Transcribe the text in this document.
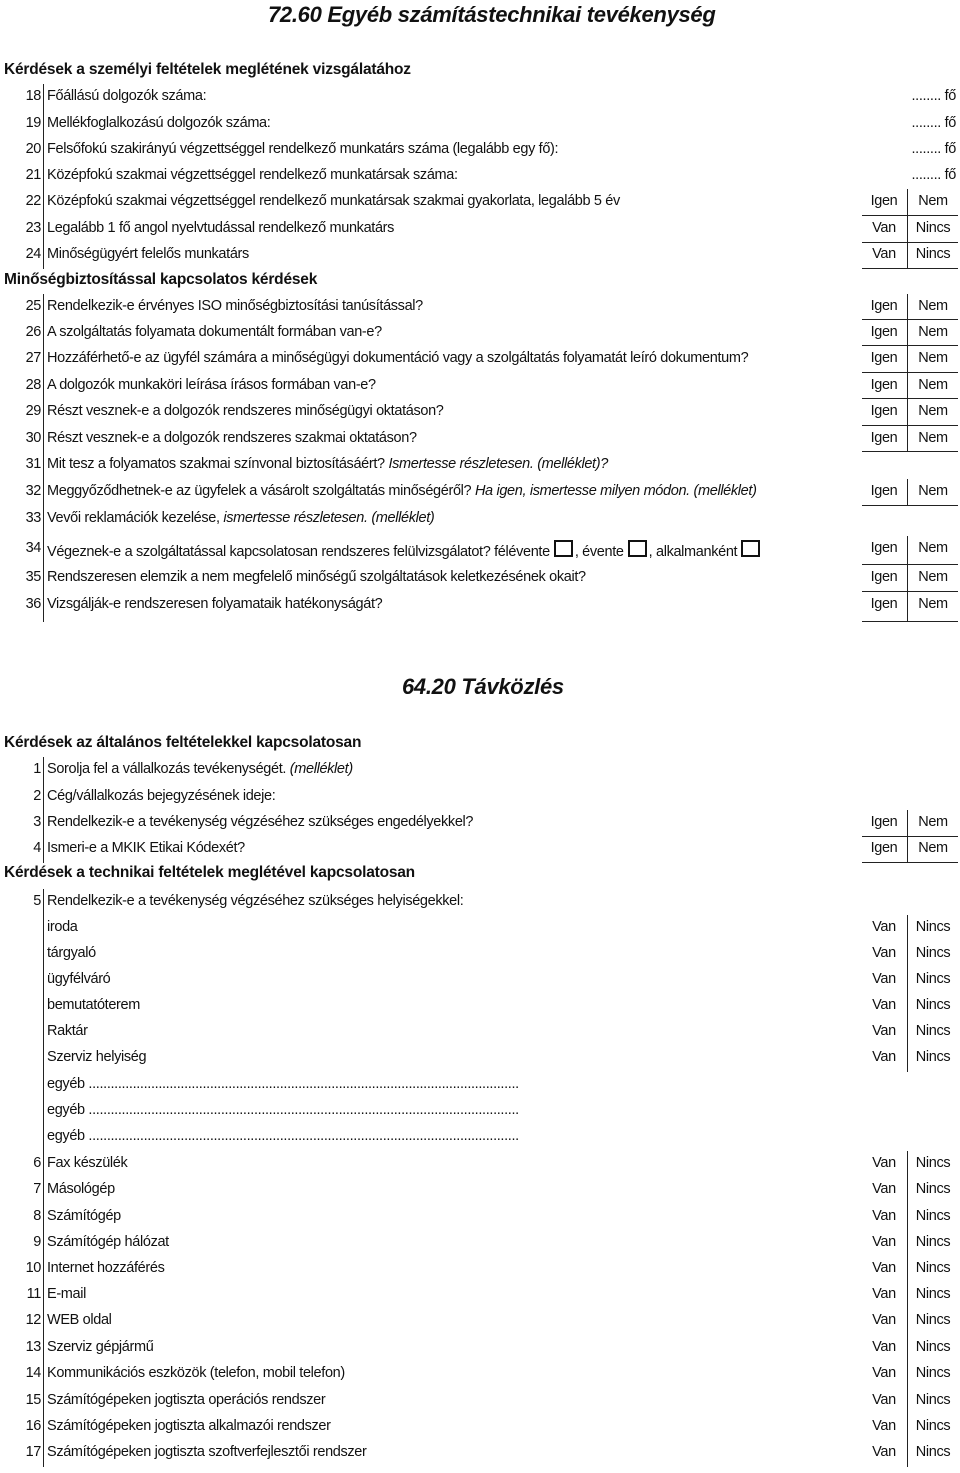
72.60 Egyéb számítástechnikai tevékenység
Kérdések a személyi feltételek meglétének vizsgálatához
18 Főállású dolgozók száma:	........ fő
19 Mellékfoglalkozású dolgozók száma:	........ fő
20 Felsőfokú szakirányú végzettséggel rendelkező munkatárs száma (legalább egy fő):	........ fő
21 Középfokú szakmai végzettséggel rendelkező munkatársak száma:	........ fő
22 Középfokú szakmai végzettséggel rendelkező munkatársak szakmai gyakorlata, legalább 5 év	Igen	Nem
23 Legalább 1 fő angol nyelvtudással rendelkező munkatárs	Van	Nincs
24 Minőségügyért felelős munkatárs	Van	Nincs
Minőségbiztosítással kapcsolatos kérdések
25 Rendelkezik-e érvényes ISO minőségbiztosítási tanúsítással?	Igen	Nem
26 A szolgáltatás folyamata dokumentált formában van-e?	Igen	Nem
27 Hozzáférhető-e az ügyfél számára a minőségügyi dokumentáció vagy a szolgáltatás folyamatát leíró dokumentum?	Igen	Nem
28 A dolgozók munkaköri leírása írásos formában van-e?	Igen	Nem
29 Részt vesznek-e a dolgozók rendszeres minőségügyi oktatáson?	Igen	Nem
30 Részt vesznek-e a dolgozók rendszeres szakmai oktatáson?	Igen	Nem
31 Mit tesz a folyamatos szakmai színvonal biztosításáért? Ismertesse részletesen. (melléklet)?
32 Meggyőződhetnek-e az ügyfelek a vásárolt szolgáltatás minőségéről? Ha igen, ismertesse milyen módon. (melléklet)	Igen	Nem
33 Vevői reklamációk kezelése, ismertesse részletesen. (melléklet)
34 Végeznek-e a szolgáltatással kapcsolatosan rendszeres felülvizsgálatot? félévente , évente , alkalmanként	Igen	Nem
35 Rendszeresen elemzik a nem megfelelő minőségű szolgáltatások keletkezésének okait?	Igen	Nem
36 Vizsgálják-e rendszeresen folyamataik hatékonyságát?	Igen	Nem
64.20 Távközlés
Kérdések az általános feltételekkel kapcsolatosan
1 Sorolja fel a vállalkozás tevékenységét. (melléklet)
2 Cég/vállalkozás bejegyzésének ideje:
3 Rendelkezik-e a tevékenység végzéséhez szükséges engedélyekkel?	Igen	Nem
4 Ismeri-e a MKIK Etikai Kódexét?	Igen	Nem
Kérdések a technikai feltételek meglétével kapcsolatosan
5 Rendelkezik-e a tevékenység végzéséhez szükséges helyiségekkel:
iroda	Van	Nincs
tárgyaló	Van	Nincs
ügyfélváró	Van	Nincs
bemutatóterem	Van	Nincs
Raktár	Van	Nincs
Szerviz helyiség	Van	Nincs
egyéb .....................................................................................................................
egyéb .....................................................................................................................
egyéb .....................................................................................................................
6 Fax készülék	Van	Nincs
7 Másológép	Van	Nincs
8 Számítógép	Van	Nincs
9 Számítógép hálózat	Van	Nincs
10 Internet hozzáférés	Van	Nincs
11 E-mail	Van	Nincs
12 WEB oldal	Van	Nincs
13 Szerviz gépjármű	Van	Nincs
14 Kommunikációs eszközök (telefon, mobil telefon)	Van	Nincs
15 Számítógépeken jogtiszta operációs rendszer	Van	Nincs
16 Számítógépeken jogtiszta alkalmazói rendszer	Van	Nincs
17 Számítógépeken jogtiszta szoftverfejlesztői rendszer	Van	Nincs
